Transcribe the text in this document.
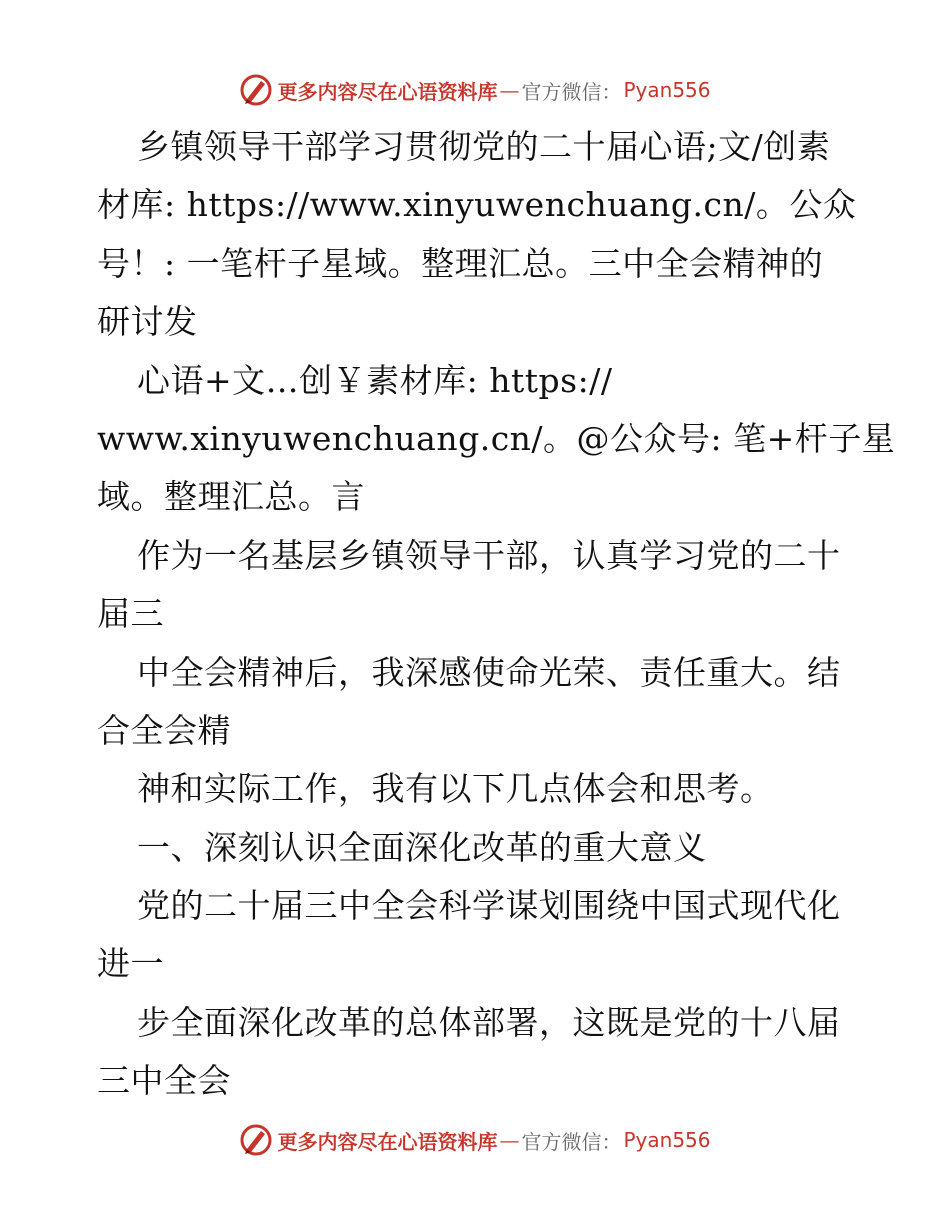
更多内容尽在心语资料库 — 官方微信： Pyan556
乡镇领导干部学习贯彻党的二十届心语;文/创素
材库: https://www.xinyuwenchuang.cn/。公众
号！: 一笔杆子星域。整理汇总。三中全会精神的
研讨发
心语+文…创￥素材库: https://
www.xinyuwenchuang.cn/。@公众号: 笔+杆子星
域。整理汇总。言
作为一名基层乡镇领导干部，认真学习党的二十
届三
中全会精神后，我深感使命光荣、责任重大。结
合全会精
神和实际工作，我有以下几点体会和思考。
一、深刻认识全面深化改革的重大意义
党的二十届三中全会科学谋划围绕中国式现代化
进一
步全面深化改革的总体部署，这既是党的十八届
三中全会
更多内容尽在心语资料库 — 官方微信： Pyan556
